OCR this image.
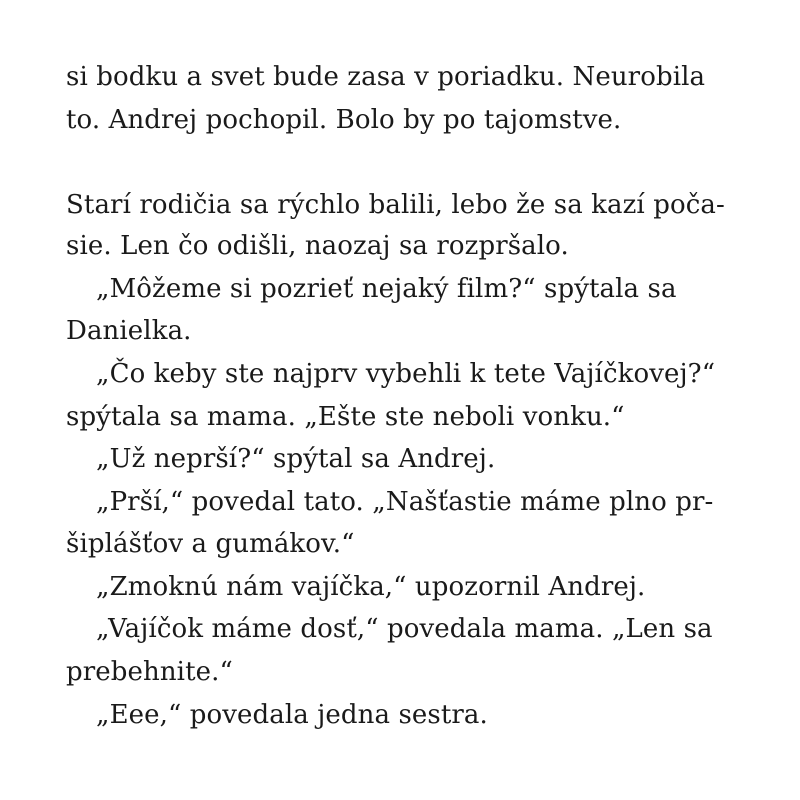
si bodku a svet bude zasa v poriadku. Neurobila
to. Andrej pochopil. Bolo by po tajomstve.
Starí rodičia sa rýchlo balili, lebo že sa kazí poča-
sie. Len čo odišli, naozaj sa rozpršalo.
„Môžeme si pozrieť nejaký film?“ spýtala sa
Danielka.
„Čo keby ste najprv vybehli k tete Vajíčkovej?“
spýtala sa mama. „Ešte ste neboli vonku.“
„Už neprší?“ spýtal sa Andrej.
„Prší,“ povedal tato. „Našťastie máme plno pr-
šiplášťov a gumákov.“
„Zmoknú nám vajíčka,“ upozornil Andrej.
„Vajíčok máme dosť,“ povedala mama. „Len sa
prebehnite.“
„Eee,“ povedala jedna sestra.
